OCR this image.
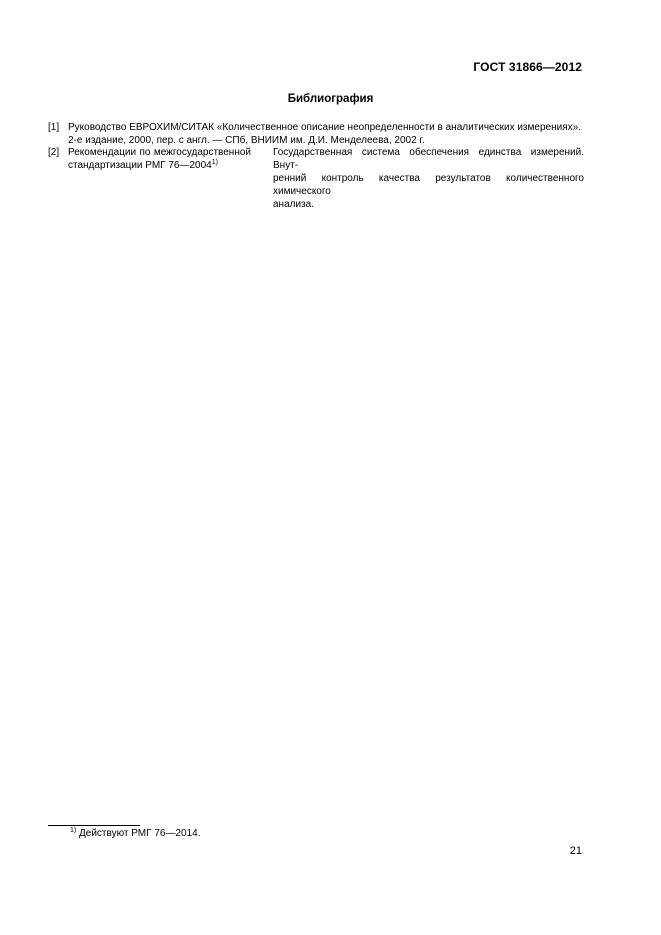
ГОСТ 31866—2012
Библиография
[1] Руководство ЕВРОХИМ/СИТАК «Количественное описание неопределенности в аналитических измерениях».
2-е издание, 2000, пер. с англ. — СПб, ВНИИМ им. Д.И. Менделеева, 2002 г.
[2] Рекомендации по межгосударственной
стандартизации РМГ 76—2004$^{1)}$
Государственная система обеспечения единства измерений. Внут-
ренний контроль качества результатов количественного химического
анализа.
$^{1)}$ Действуют РМГ 76—2014.
21
